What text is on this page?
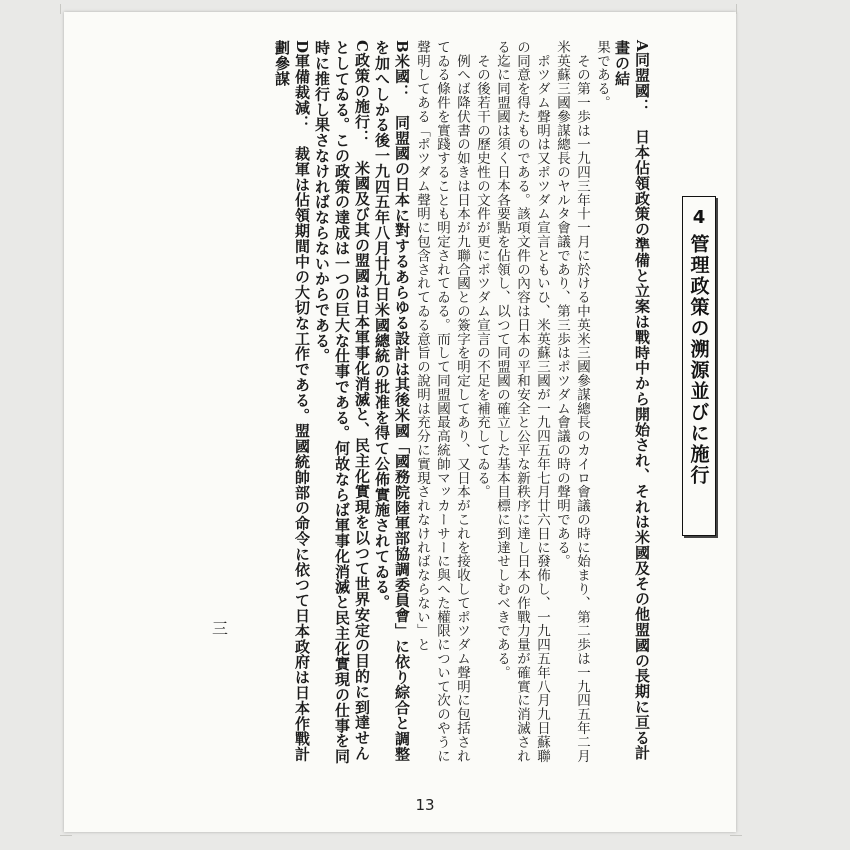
4
管理政策の溯源並びに施行

A同盟國：　日本佔領政策の準備と立案は戰時中から開始され、それは米國及その他盟國の長期に亘る計畫の結

果である。

　その第一歩は一九四三年十一月に於ける中英米三國參謀總長のカイロ會議の時に始まり、第二歩は一九四五年二月米英蘇三國參謀總長のヤルタ會議であり、第三歩はポツダム會議の時の聲明である。

　ポツダム聲明は又ポツダム宣言ともいひ、米英蘇三國が一九四五年七月廿六日に發佈し、一九四五年八月九日蘇聯の同意を得たものである。該項文件の內容は日本の平和安全と公平な新秩序に達し日本の作戰力量が確實に消滅される迄に同盟國は須く日本各要點を佔領し、以つて同盟國の確立した基本目標に到達せしむべきである。

　その後若干の歷史性の文件が更にポツダム宣言の不足を補充してゐる。

　例へば降伏書の如きは日本が九聯合國との簽字を明定してあり、又日本がこれを接收してポツダム聲明に包括されてゐる條件を實踐することも明定されてゐる。而して同盟國最高統帥マッカーサーに與へた權限について次のやうに聲明してある「ポツダム聲明に包含されてゐる意旨の說明は充分に實現されなければならない」と

B米國：　同盟國の日本に對するあらゆる設計は其後米國「國務院陸軍部協調委員會」に依り綜合と調整を加へしかる後一九四五年八月廿九日米國總統の批准を得て公佈實施されてゐる。

C政策の施行：　米國及び其の盟國は日本軍事化消滅と、民主化實現を以つて世界安定の目的に到達せんとしてゐる。この政策の達成は一つの巨大な仕事である。何故ならば軍事化消滅と民主化實現の仕事を同時に推行し果さなければならないからである。

D軍備裁減：　裁軍は佔領期間中の大切な工作である。盟國統帥部の命令に依つて日本政府は日本作戰計劃參謀

三
13
